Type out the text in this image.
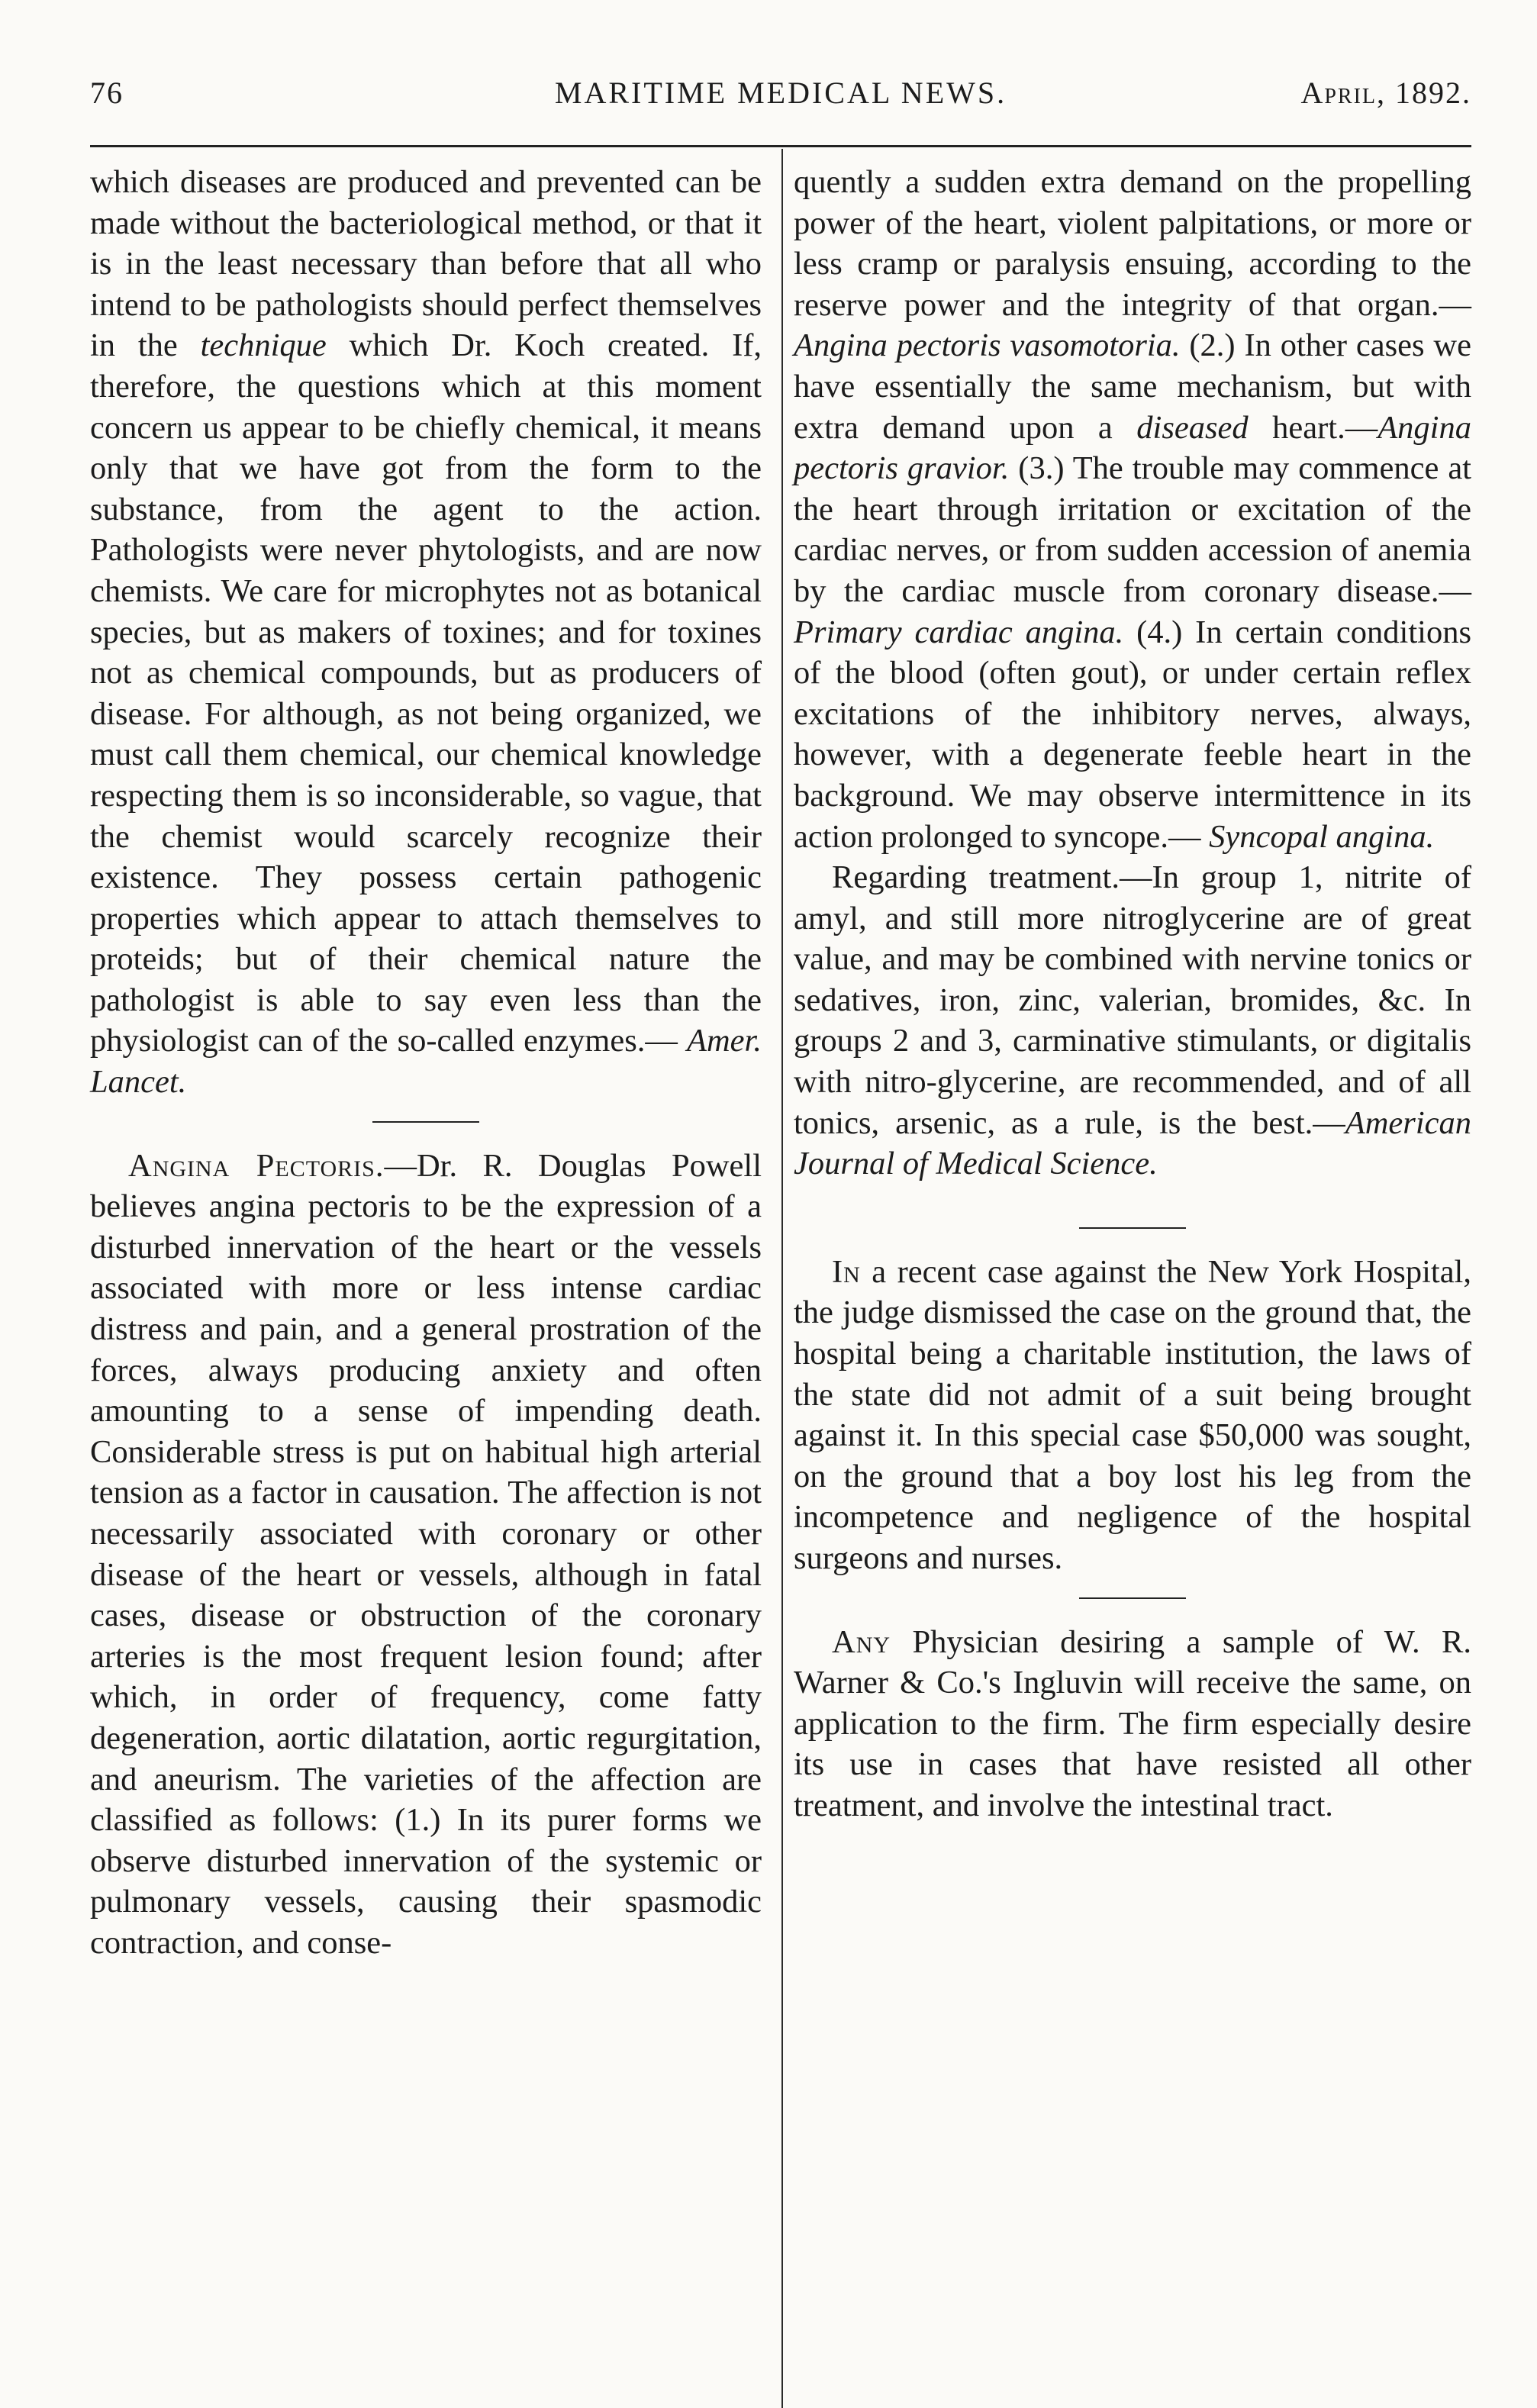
76	MARITIME MEDICAL NEWS.	April, 1892.

which diseases are produced and prevented can be made without the bacteriological method, or that it is in the least necessary than before that all who intend to be pathologists should perfect themselves in the technique which Dr. Koch created. If, therefore, the questions which at this moment concern us appear to be chiefly chemical, it means only that we have got from the form to the substance, from the agent to the action. Pathologists were never phytologists, and are now chemists. We care for microphytes not as botanical species, but as makers of toxines; and for toxines not as chemical compounds, but as producers of disease. For although, as not being organized, we must call them chemical, our chemical knowledge respecting them is so inconsiderable, so vague, that the chemist would scarcely recognize their existence. They possess certain pathogenic properties which appear to attach themselves to proteids; but of their chemical nature the pathologist is able to say even less than the physiologist can of the so-called enzymes.— Amer. Lancet.

Angina Pectoris.—Dr. R. Douglas Powell believes angina pectoris to be the expression of a disturbed innervation of the heart or the vessels associated with more or less intense cardiac distress and pain, and a general prostration of the forces, always producing anxiety and often amounting to a sense of impending death. Considerable stress is put on habitual high arterial tension as a factor in causation. The affection is not necessarily associated with coronary or other disease of the heart or vessels, although in fatal cases, disease or obstruction of the coronary arteries is the most frequent lesion found; after which, in order of frequency, come fatty degeneration, aortic dilatation, aortic regurgitation, and aneurism. The varieties of the affection are classified as follows: (1.) In its purer forms we observe disturbed innervation of the systemic or pulmonary vessels, causing their spasmodic contraction, and conse-

quently a sudden extra demand on the propelling power of the heart, violent palpitations, or more or less cramp or paralysis ensuing, according to the reserve power and the integrity of that organ.—Angina pectoris vasomotoria. (2.) In other cases we have essentially the same mechanism, but with extra demand upon a diseased heart.—Angina pectoris gravior. (3.) The trouble may commence at the heart through irritation or excitation of the cardiac nerves, or from sudden accession of anemia by the cardiac muscle from coronary disease.—Primary cardiac angina. (4.) In certain conditions of the blood (often gout), or under certain reflex excitations of the inhibitory nerves, always, however, with a degenerate feeble heart in the background. We may observe intermittence in its action prolonged to syncope.— Syncopal angina.

Regarding treatment.—In group 1, nitrite of amyl, and still more nitroglycerine are of great value, and may be combined with nervine tonics or sedatives, iron, zinc, valerian, bromides, &c. In groups 2 and 3, carminative stimulants, or digitalis with nitro-glycerine, are recommended, and of all tonics, arsenic, as a rule, is the best.—American Journal of Medical Science.

In a recent case against the New York Hospital, the judge dismissed the case on the ground that, the hospital being a charitable institution, the laws of the state did not admit of a suit being brought against it. In this special case $50,000 was sought, on the ground that a boy lost his leg from the incompetence and negligence of the hospital surgeons and nurses.

Any Physician desiring a sample of W. R. Warner & Co.'s Ingluvin will receive the same, on application to the firm. The firm especially desire its use in cases that have resisted all other treatment, and involve the intestinal tract.
